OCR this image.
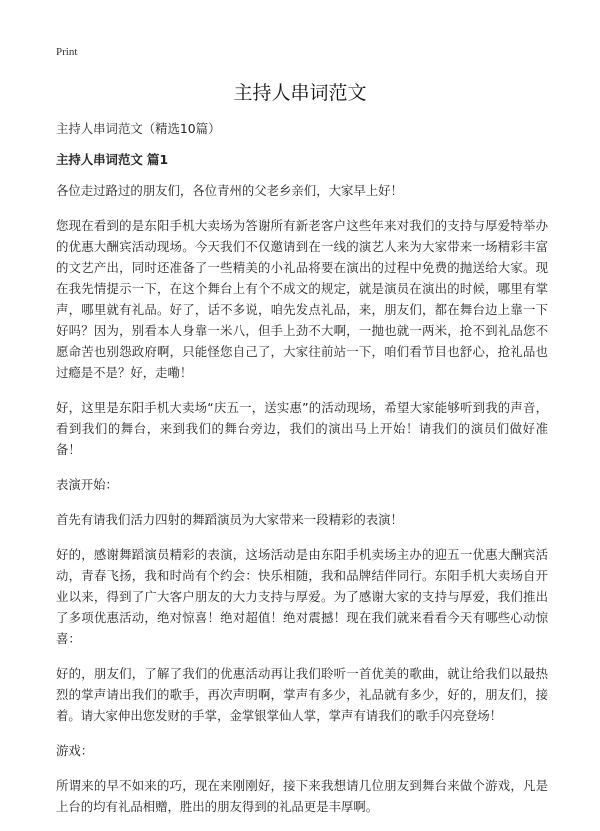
Print
主持人串词范文

主持人串词范文（精选10篇）

主持人串词范文 篇1

各位走过路过的朋友们，各位青州的父老乡亲们，大家早上好！

您现在看到的是东阳手机大卖场为答谢所有新老客户这些年来对我们的支持与厚爱特举办的优惠大酬宾活动现场。今天我们不仅邀请到在一线的演艺人来为大家带来一场精彩丰富的文艺产出，同时还准备了一些精美的小礼品将要在演出的过程中免费的抛送给大家。现在我先情提示一下，在这个舞台上有个不成文的规定，就是演员在演出的时候，哪里有掌声，哪里就有礼品。好了，话不多说，咱先发点礼品，来，朋友们，都在舞台边上靠一下好吗？因为，别看本人身靠一米八，但手上劲不大啊，一抛也就一两米，抢不到礼品您不愿命苦也别怨政府啊，只能怪您自己了，大家往前站一下，咱们看节目也舒心，抢礼品也过瘾是不是？好，走嘞！

好，这里是东阳手机大卖场“庆五一，送实惠”的活动现场，希望大家能够听到我的声音，看到我们的舞台，来到我们的舞台旁边，我们的演出马上开始！请我们的演员们做好准备！

表演开始：

首先有请我们活力四射的舞蹈演员为大家带来一段精彩的表演！

好的，感谢舞蹈演员精彩的表演，这场活动是由东阳手机卖场主办的迎五一优惠大酬宾活动，青春飞扬，我和时尚有个约会：快乐相随，我和品牌结伴同行。东阳手机大卖场自开业以来，得到了广大客户朋友的大力支持与厚爱。为了感谢大家的支持与厚爱，我们推出了多项优惠活动，绝对惊喜！绝对超值！绝对震撼！现在我们就来看看今天有哪些心动惊喜：

好的，朋友们，了解了我们的优惠活动再让我们聆听一首优美的歌曲，就让给我们以最热烈的掌声请出我们的歌手，再次声明啊，掌声有多少，礼品就有多少，好的，朋友们，接着。请大家伸出您发财的手掌，金掌银掌仙人掌，掌声有请我们的歌手闪亮登场！

游戏：

所谓来的早不如来的巧，现在来刚刚好，接下来我想请几位朋友到舞台来做个游戏，凡是上台的均有礼品相赠，胜出的朋友得到的礼品更是丰厚啊。
